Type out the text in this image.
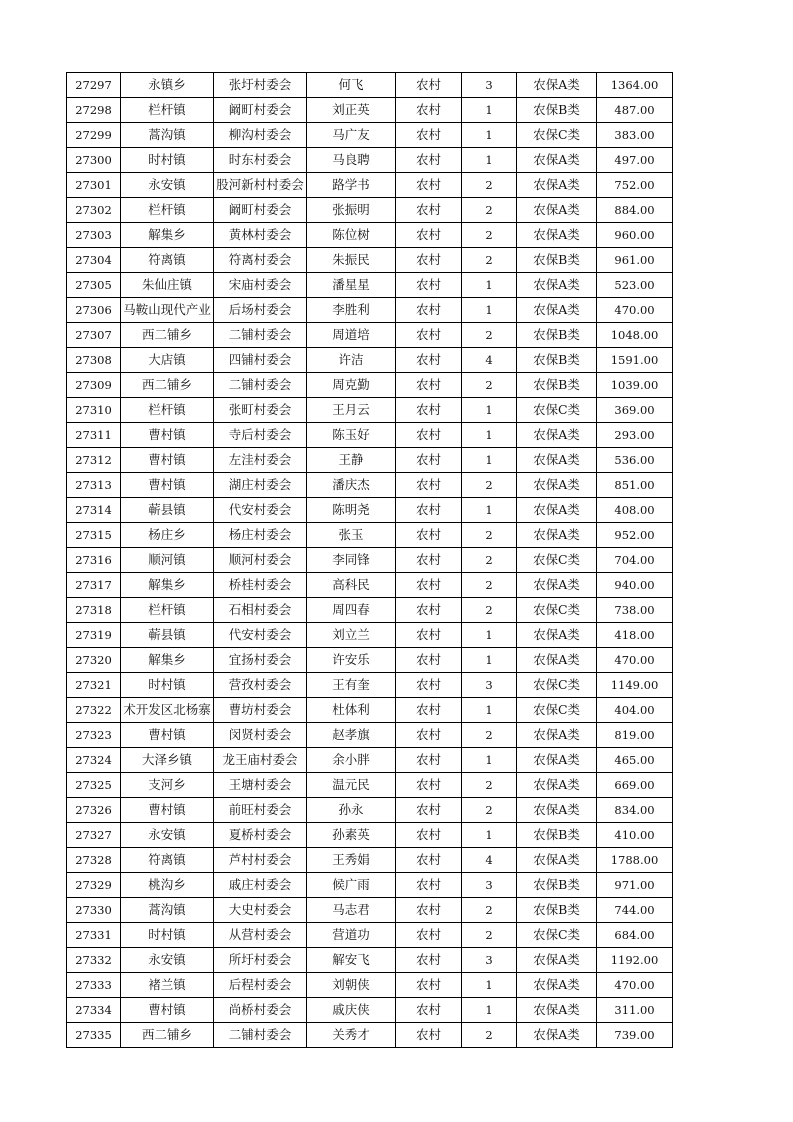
27297	永镇乡	张圩村委会	何飞	农村	3	农保A类	1364.00
27298	栏杆镇	阚町村委会	刘正英	农村	1	农保B类	487.00
27299	蒿沟镇	柳沟村委会	马广友	农村	1	农保C类	383.00
27300	时村镇	时东村委会	马良聘	农村	1	农保A类	497.00
27301	永安镇	股河新村村委会	路学书	农村	2	农保A类	752.00
27302	栏杆镇	阚町村委会	张振明	农村	2	农保A类	884.00
27303	解集乡	黄林村委会	陈位树	农村	2	农保A类	960.00
27304	符离镇	符离村委会	朱振民	农村	2	农保B类	961.00
27305	朱仙庄镇	宋庙村委会	潘星星	农村	1	农保A类	523.00
27306	马鞍山现代产业	后场村委会	李胜利	农村	1	农保A类	470.00
27307	西二铺乡	二铺村委会	周道培	农村	2	农保B类	1048.00
27308	大店镇	四铺村委会	许洁	农村	4	农保B类	1591.00
27309	西二铺乡	二铺村委会	周克勤	农村	2	农保B类	1039.00
27310	栏杆镇	张町村委会	王月云	农村	1	农保C类	369.00
27311	曹村镇	寺后村委会	陈玉好	农村	1	农保A类	293.00
27312	曹村镇	左洼村委会	王静	农村	1	农保A类	536.00
27313	曹村镇	湖庄村委会	潘庆杰	农村	2	农保A类	851.00
27314	蕲县镇	代安村委会	陈明尧	农村	1	农保A类	408.00
27315	杨庄乡	杨庄村委会	张玉	农村	2	农保A类	952.00
27316	顺河镇	顺河村委会	李同锋	农村	2	农保C类	704.00
27317	解集乡	桥桂村委会	高科民	农村	2	农保A类	940.00
27318	栏杆镇	石相村委会	周四春	农村	2	农保C类	738.00
27319	蕲县镇	代安村委会	刘立兰	农村	1	农保A类	418.00
27320	解集乡	宜扬村委会	许安乐	农村	1	农保A类	470.00
27321	时村镇	营孜村委会	王有奎	农村	3	农保C类	1149.00
27322	术开发区北杨寨	曹坊村委会	杜体利	农村	1	农保C类	404.00
27323	曹村镇	闵贤村委会	赵孝旗	农村	2	农保A类	819.00
27324	大泽乡镇	龙王庙村委会	余小胖	农村	1	农保A类	465.00
27325	支河乡	王塘村委会	温元民	农村	2	农保A类	669.00
27326	曹村镇	前旺村委会	孙永	农村	2	农保A类	834.00
27327	永安镇	夏桥村委会	孙素英	农村	1	农保B类	410.00
27328	符离镇	芦村村委会	王秀娟	农村	4	农保A类	1788.00
27329	桃沟乡	戚庄村委会	候广雨	农村	3	农保B类	971.00
27330	蒿沟镇	大史村委会	马志君	农村	2	农保B类	744.00
27331	时村镇	从营村委会	营道功	农村	2	农保C类	684.00
27332	永安镇	所圩村委会	解安飞	农村	3	农保A类	1192.00
27333	褚兰镇	后程村委会	刘朝侠	农村	1	农保A类	470.00
27334	曹村镇	尚桥村委会	戚庆侠	农村	1	农保A类	311.00
27335	西二铺乡	二铺村委会	关秀才	农村	2	农保A类	739.00
